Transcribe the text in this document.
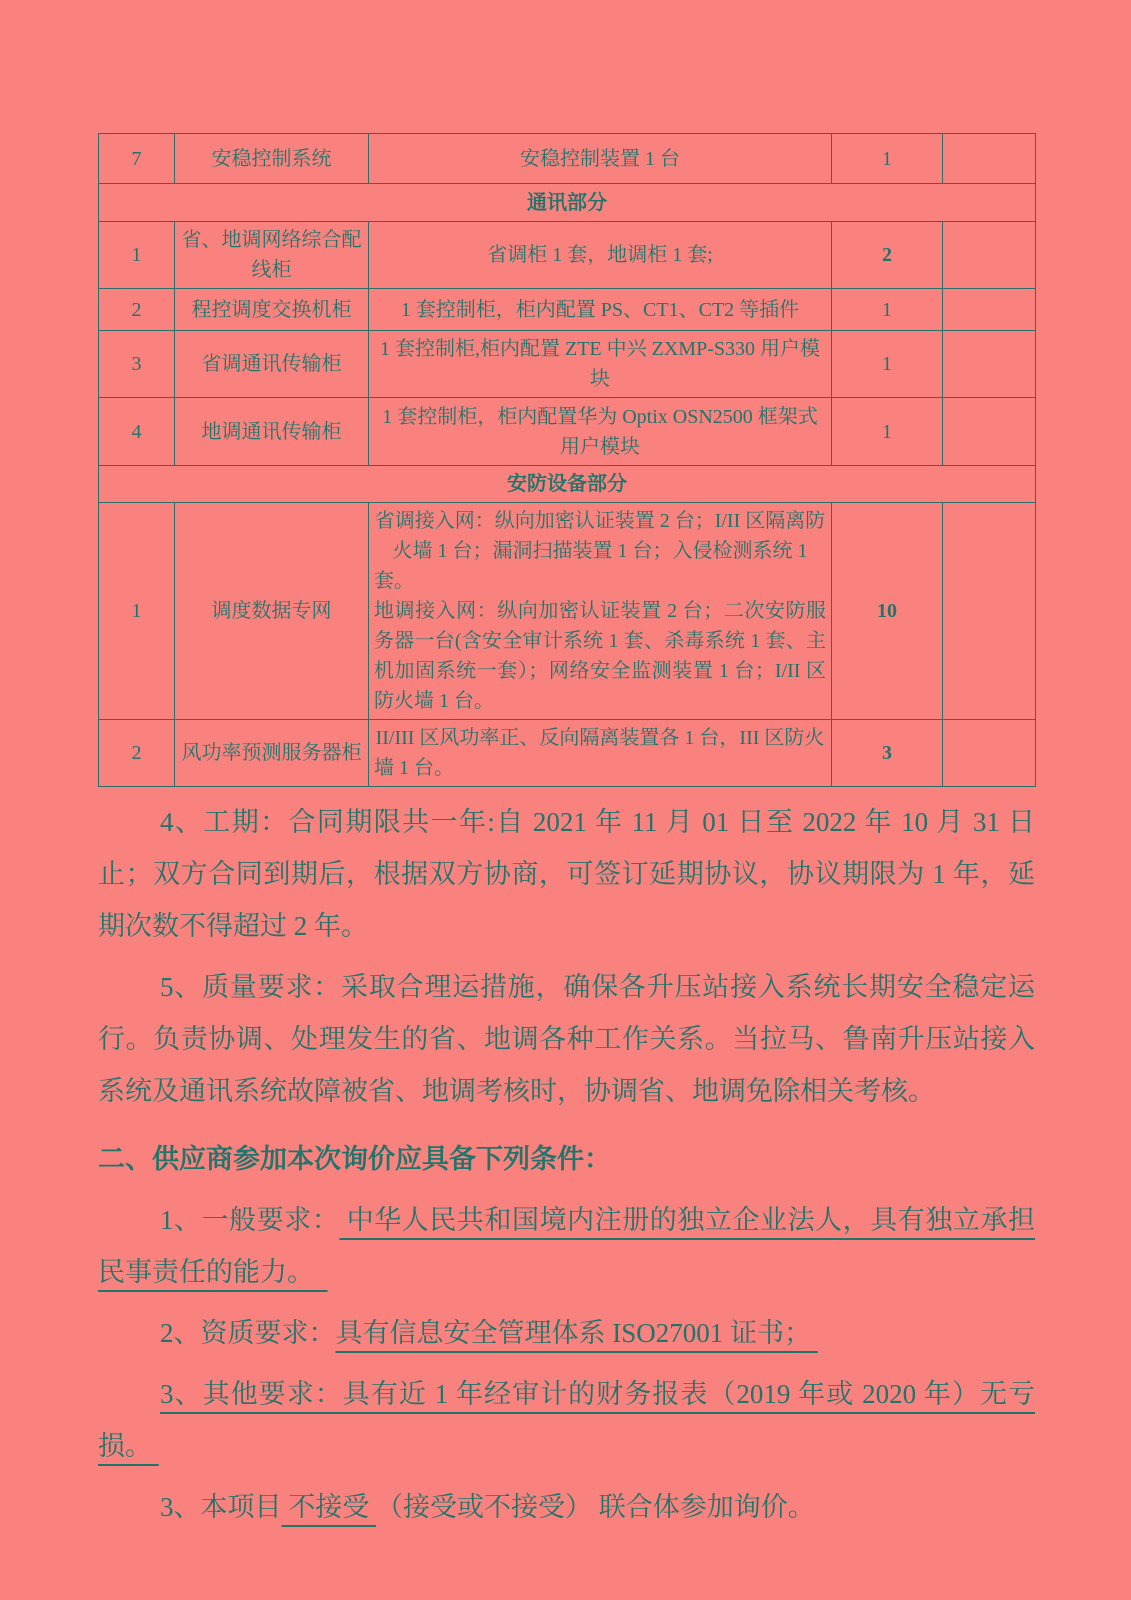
7	安稳控制系统	安稳控制装置 1 台	1	
通讯部分				
1	省、地调网络综合配线柜	省调柜 1 套，地调柜 1 套;	2	
2	程控调度交换机柜	1 套控制柜，柜内配置 PS、CT1、CT2 等插件	1	
3	省调通讯传输柜	1 套控制柜,柜内配置 ZTE 中兴 ZXMP-S330 用户模块	1	
4	地调通讯传输柜	1 套控制柜，柜内配置华为 Optix OSN2500 框架式用户模块	1	
安防设备部分				
1	调度数据专网	省调接入网：纵向加密认证装置 2 台；I/II 区隔离防火墙 1 台；漏洞扫描装置 1 台；入侵检测系统 1 套。
地调接入网：纵向加密认证装置 2 台；二次安防服务器一台(含安全审计系统 1 套、杀毒系统 1 套、主机加固系统一套）；网络安全监测装置 1 台；I/II 区防火墙 1 台。	10	
2	风功率预测服务器柜	II/III 区风功率正、反向隔离装置各 1 台，III 区防火墙 1 台。	3	

4、工期：合同期限共一年:自 2021 年 11 月 01 日至 2022 年 10 月 31 日止；双方合同到期后，根据双方协商，可签订延期协议，协议期限为 1 年，延期次数不得超过 2 年。

5、质量要求：采取合理运措施，确保各升压站接入系统长期安全稳定运行。负责协调、处理发生的省、地调各种工作关系。当拉马、鲁南升压站接入系统及通讯系统故障被省、地调考核时，协调省、地调免除相关考核。

二、供应商参加本次询价应具备下列条件：

1、一般要求： 中华人民共和国境内注册的独立企业法人，具有独立承担民事责任的能力。

2、资质要求：具有信息安全管理体系 ISO27001 证书；

3、其他要求：具有近 1 年经审计的财务报表（2019 年或 2020 年）无亏损。

3、本项目 不接受 （接受或不接受） 联合体参加询价。
